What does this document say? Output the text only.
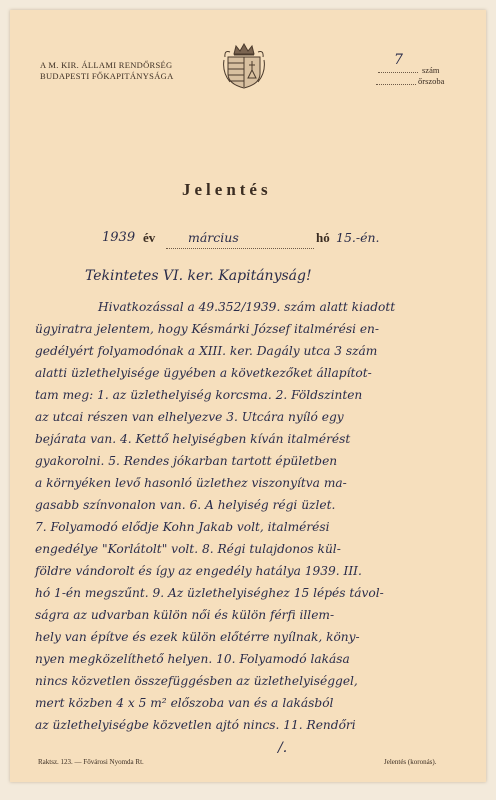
A M. KIR. ÁLLAMI RENDŐRSÉG
BUDAPESTI FŐKAPITÁNYSÁGA
7
szám
őrszoba
Jelentés
1939 év	március	hó 15.-én.
Tekintetes VI. ker. Kapitányság!
Hivatkozással a 49.352/1939. szám alatt kiadott
ügyiratra jelentem, hogy Késmárki József italmérési en-
gedélyért folyamodónak a XIII. ker. Dagály utca 3 szám
alatti üzlethelyisége ügyében a következőket állapítot-
tam meg: 1. az üzlethelyiség korcsma. 2. Földszinten
az utcai részen van elhelyezve 3. Utcára nyíló egy
bejárata van. 4. Kettő helyiségben kíván italmérést
gyakorolni. 5. Rendes jókarban tartott épületben
a környéken levő hasonló üzlethez viszonyítva ma-
gasabb színvonalon van. 6. A helyiség régi üzlet.
7. Folyamodó elődje Kohn Jakab volt, italmérési
engedélye "Korlátolt" volt. 8. Régi tulajdonos kül-
földre vándorolt és így az engedély hatálya 1939. III.
hó 1-én megszűnt. 9. Az üzlethelyiséghez 15 lépés távol-
ságra az udvarban külön női és külön férfi illem-
hely van építve és ezek külön előtérre nyílnak, köny-
nyen megközelíthető helyen. 10. Folyamodó lakása
nincs közvetlen összefüggésben az üzlethelyiséggel,
mert közben 4 x 5 m² előszoba van és a lakásból
az üzlethelyiségbe közvetlen ajtó nincs. 11. Rendőri
/.
Raktsz. 123. — Fővárosi Nyomda Rt.	Jelentés (koronás).
